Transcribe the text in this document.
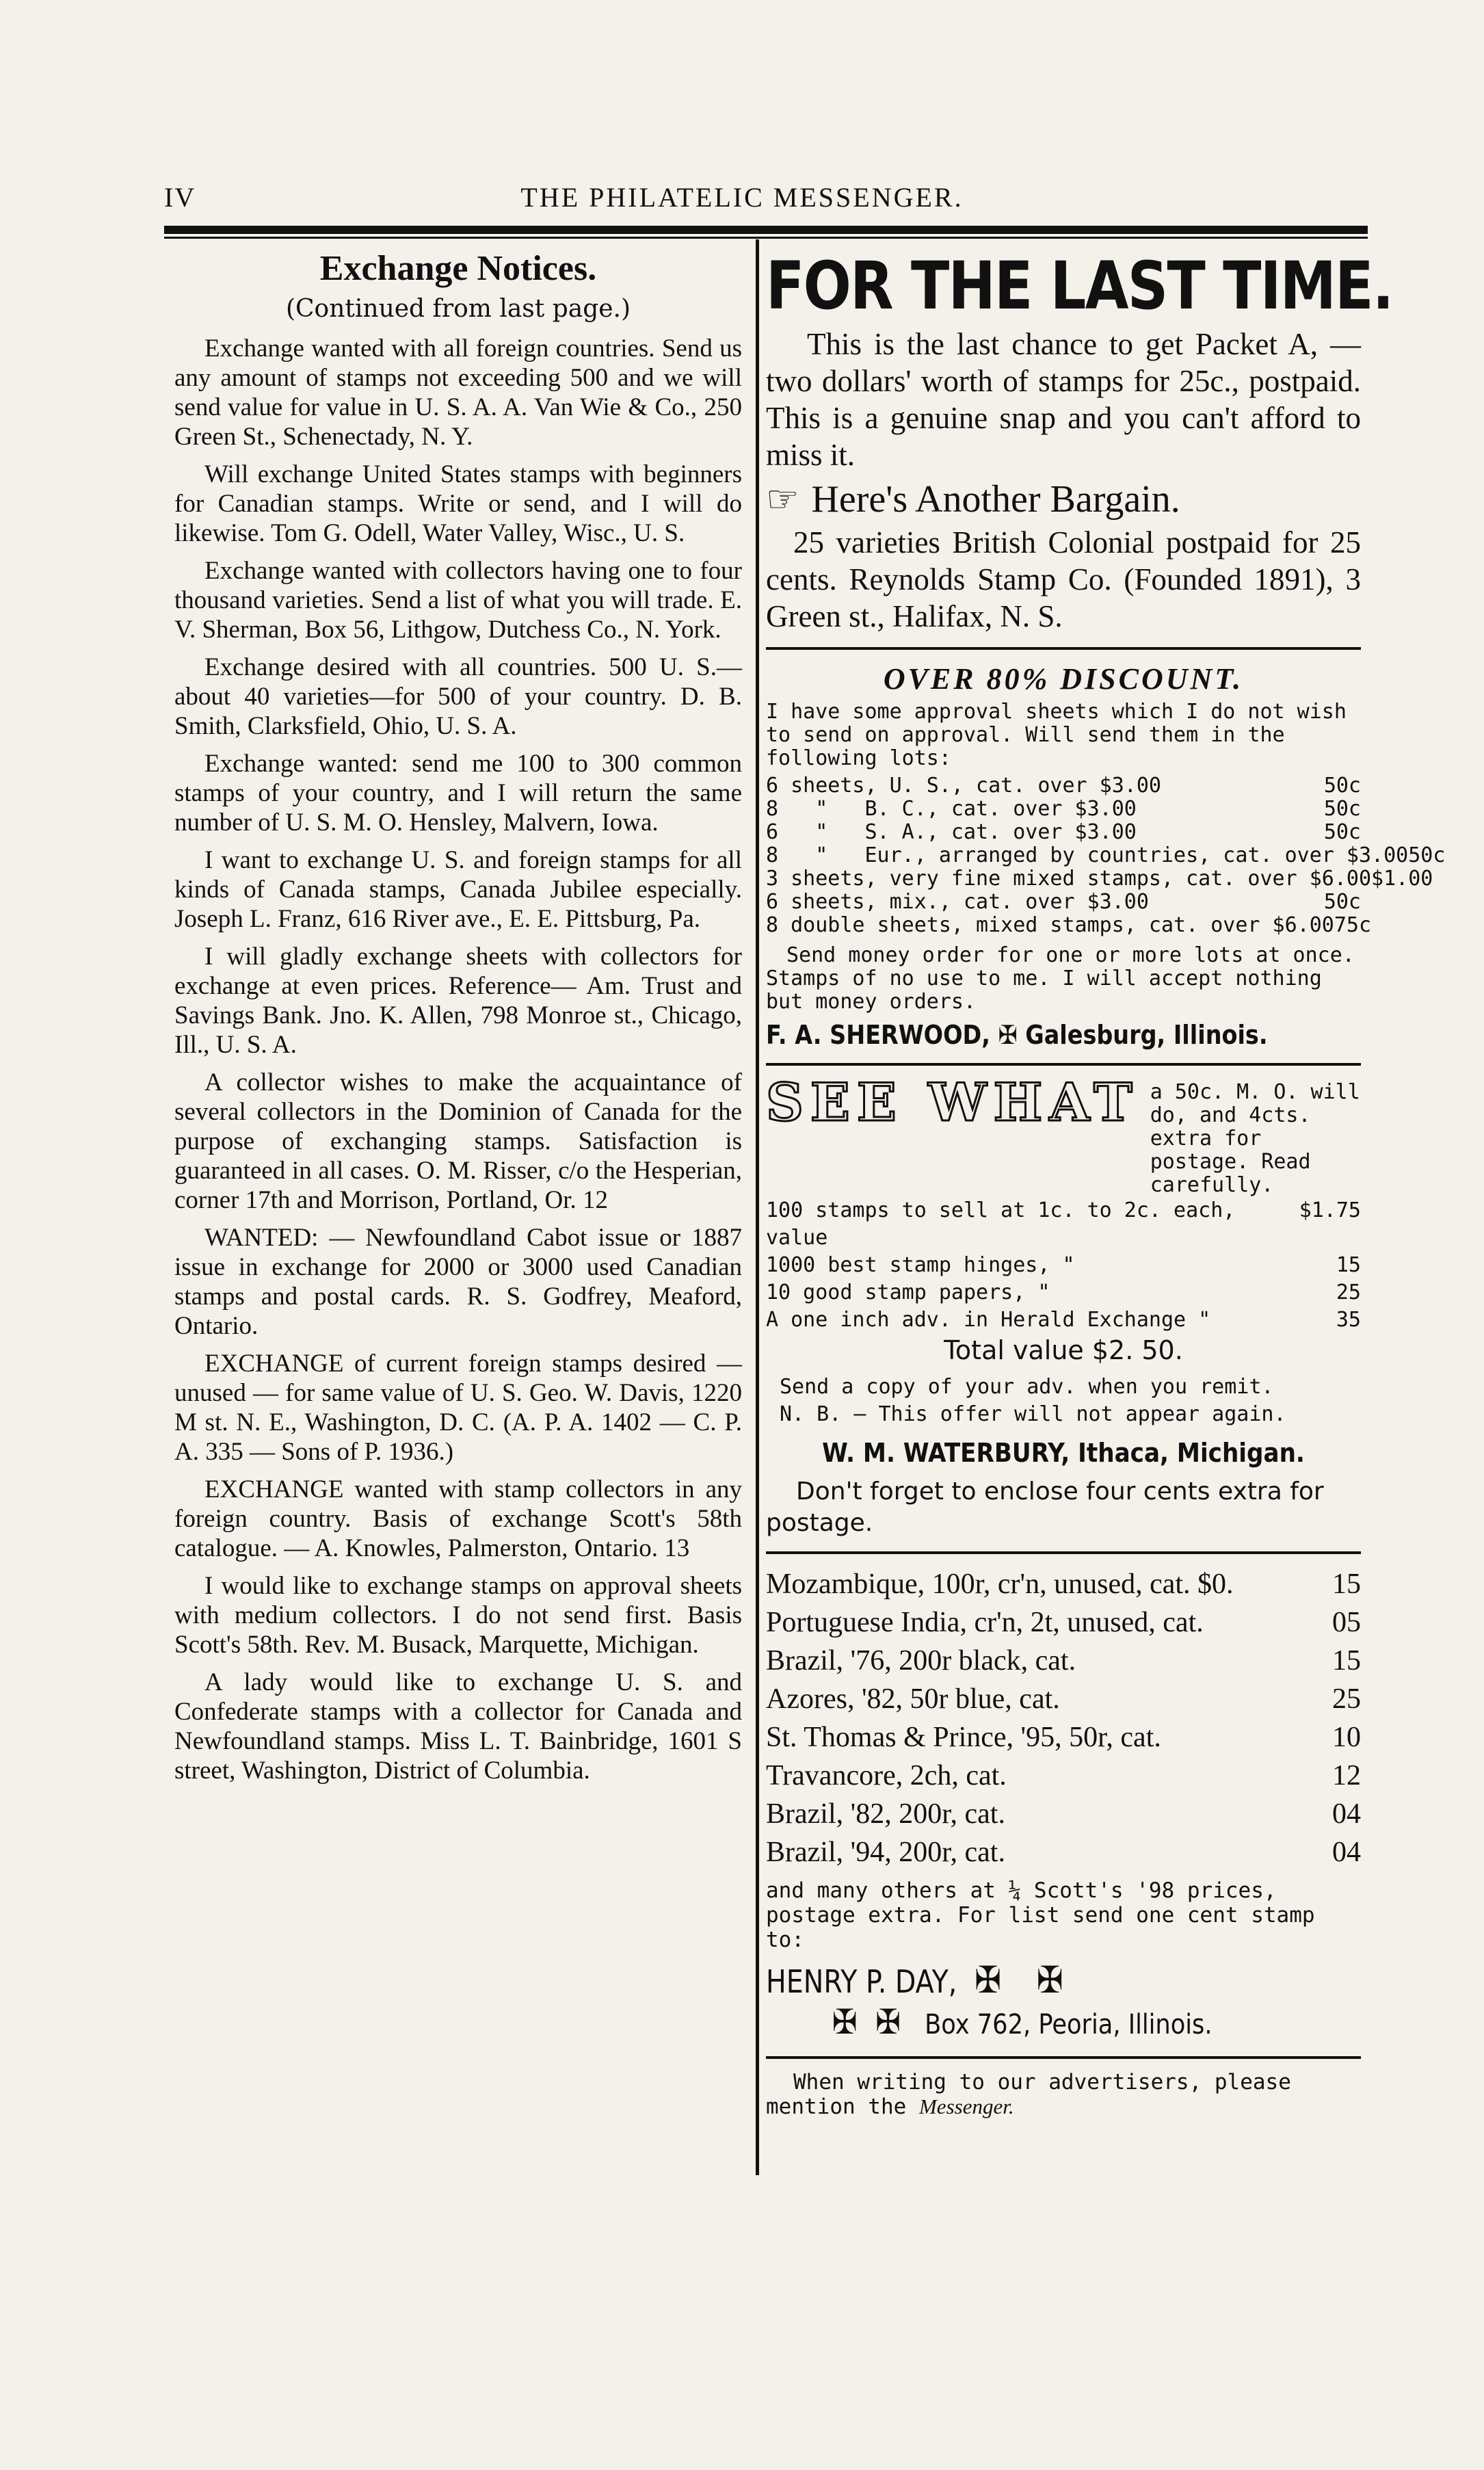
IV	THE PHILATELIC MESSENGER.
Exchange Notices.
(Continued from last page.)

Exchange wanted with all foreign countries. Send us any amount of stamps not exceeding 500 and we will send value for value in U. S. A. A. Van Wie & Co., 250 Green St., Schenectady, N. Y.

Will exchange United States stamps with beginners for Canadian stamps. Write or send, and I will do likewise. Tom G. Odell, Water Valley, Wisc., U. S.

Exchange wanted with collectors having one to four thousand varieties. Send a list of what you will trade. E. V. Sherman, Box 56, Lithgow, Dutchess Co., N. York.

Exchange desired with all countries. 500 U. S.—about 40 varieties—for 500 of your country. D. B. Smith, Clarksfield, Ohio, U. S. A.

Exchange wanted: send me 100 to 300 common stamps of your country, and I will return the same number of U. S. M. O. Hensley, Malvern, Iowa.

I want to exchange U. S. and foreign stamps for all kinds of Canada stamps, Canada Jubilee especially. Joseph L. Franz, 616 River ave., E. E. Pittsburg, Pa.

I will gladly exchange sheets with collectors for exchange at even prices. Reference— Am. Trust and Savings Bank. Jno. K. Allen, 798 Monroe st., Chicago, Ill., U. S. A.

A collector wishes to make the acquaintance of several collectors in the Dominion of Canada for the purpose of exchanging stamps. Satisfaction is guaranteed in all cases. O. M. Risser, c/o the Hesperian, corner 17th and Morrison, Portland, Or. 12

WANTED: — Newfoundland Cabot issue or 1887 issue in exchange for 2000 or 3000 used Canadian stamps and postal cards. R. S. Godfrey, Meaford, Ontario.

EXCHANGE of current foreign stamps desired — unused — for same value of U. S. Geo. W. Davis, 1220 M st. N. E., Washington, D. C. (A. P. A. 1402 — C. P. A. 335 — Sons of P. 1936.)

EXCHANGE wanted with stamp collectors in any foreign country. Basis of exchange Scott's 58th catalogue. — A. Knowles, Palmerston, Ontario. 13

I would like to exchange stamps on approval sheets with medium collectors. I do not send first. Basis Scott's 58th. Rev. M. Busack, Marquette, Michigan.

A lady would like to exchange U. S. and Confederate stamps with a collector for Canada and Newfoundland stamps. Miss L. T. Bainbridge, 1601 S street, Washington, District of Columbia.

FOR THE LAST TIME.

This is the last chance to get Packet A, — two dollars' worth of stamps for 25c., postpaid. This is a genuine snap and you can't afford to miss it.

☞ Here's Another Bargain.

25 varieties British Colonial postpaid for 25 cents. Reynolds Stamp Co. (Founded 1891), 3 Green st., Halifax, N. S.

OVER 80% DISCOUNT.
I have some approval sheets which I do not wish to send on approval. Will send them in the following lots:
6 sheets, U. S., cat. over $3.00	50c
8   "   B. C., cat. over $3.00	50c
6   "   S. A., cat. over $3.00	50c
8   "   Eur., arranged by countries, cat. over $3.00 50c
3 sheets, very fine mixed stamps, cat. over $6.00 $1.00
6 sheets, mix., cat. over $3.00	50c
8 double sheets, mixed stamps, cat. over $6.00 75c
Send money order for one or more lots at once. Stamps of no use to me. I will accept nothing but money orders.
F. A. SHERWOOD, ✠ Galesburg, Illinois.
SEE WHAT a 50c. M. O. will do, and 4cts. extra for postage. Read carefully.
100 stamps to sell at 1c. to 2c. each, value
$1.75
1000 best stamp hinges, "	15
10 good stamp papers, "	25
A one inch adv. in Herald Exchange "	35
Total value $2. 50.
Send a copy of your adv. when you remit.
N. B. — This offer will not appear again.
W. M. WATERBURY, Ithaca, Michigan.

Don't forget to enclose four cents extra for postage.

Mozambique, 100r, cr'n, unused, cat. $0.	15
Portuguese India, cr'n, 2t, unused, cat.	05
Brazil, '76, 200r black, cat.	15
Azores, '82, 50r blue, cat.	25
St. Thomas & Prince, '95, 50r, cat.	10
Travancore, 2ch, cat.	12
Brazil, '82, 200r, cat.	04
Brazil, '94, 200r, cat.	04
and many others at ¼ Scott's '98 prices, postage extra. For list send one cent stamp to:
HENRY P. DAY, ✠ ✠
✠ ✠ Box 762, Peoria, Illinois.

When writing to our advertisers, please mention the Messenger.
